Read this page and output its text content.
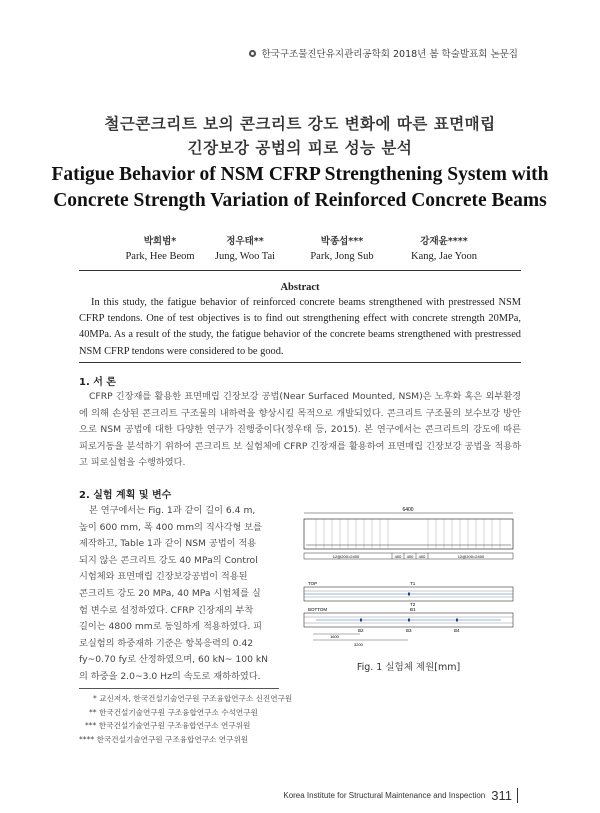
한국구조물진단유지관리공학회 2018년 봄 학술발표회 논문집
철근콘크리트 보의 콘크리트 강도 변화에 따른 표면매립
긴장보강 공법의 피로 성능 분석
Fatigue Behavior of NSM CFRP Strengthening System with
Concrete Strength Variation of Reinforced Concrete Beams
박희범*
Park, Hee Beom
정우태**
Jung, Woo Tai
박종섭***
Park, Jong Sub
강재윤****
Kang, Jae Yoon
Abstract
In this study, the fatigue behavior of reinforced concrete beams strengthened with prestressed NSM CFRP tendons. One of test objectives is to find out strengthening effect with concrete strength 20MPa, 40MPa. As a result of the study, the fatigue behavior of the concrete beams strengthened with prestressed NSM CFRP tendons were considered to be good.
1. 서 론
CFRP 긴장재를 활용한 표면매립 긴장보강 공법(Near Surfaced Mounted, NSM)은 노후화 혹은 외부환경에 의해 손상된 콘크리트 구조물의 내하력을 향상시킬 목적으로 개발되었다. 콘크리트 구조물의 보수보강 방안으로 NSM 공법에 대한 다양한 연구가 진행중이다(정우태 등, 2015). 본 연구에서는 콘크리트의 강도에 따른 피로거동을 분석하기 위하여 콘크리트 보 실험체에 CFRP 긴장재를 활용하여 표면매립 긴장보강 공법을 적용하고 피로실험을 수행하였다.
2. 실험 계획 및 변수
본 연구에서는 Fig. 1과 같이 길이 6.4 m,
높이 600 mm, 폭 400 mm의 직사각형 보를
제작하고, Table 1과 같이 NSM 공법이 적용
되지 않은 콘크리트 강도 40 MPa의 Control
시험체와 표면매립 긴장보강공법이 적용된
콘크리트 강도 20 MPa, 40 MPa 시험체를 실
험 변수로 설정하였다. CFRP 긴장재의 부착
길이는 4800 mm로 동일하게 적용하였다. 피
로실험의 하중재하 기준은 항복응력의 0.42
fy~0.70 fy로 산정하였으며, 60 kN~ 100 kN
의 하중을 2.0~3.0 Hz의 속도로 재하하였다.
6400
12@200=2400	400 400 400	12@200=2400
TOP	T1
T2
BOTTOM	B1
B2	B3	B4
1600
3200
Fig. 1 실험체 제원[mm]
* 교신저자, 한국건설기술연구원 구조융합연구소 신진연구원
** 한국건설기술연구원 구조융합연구소 수석연구원
*** 한국건설기술연구원 구조융합연구소 연구위원
**** 한국건설기술연구원 구조융합연구소 연구위원
Korea Institute for Structural Maintenance and Inspection 311
